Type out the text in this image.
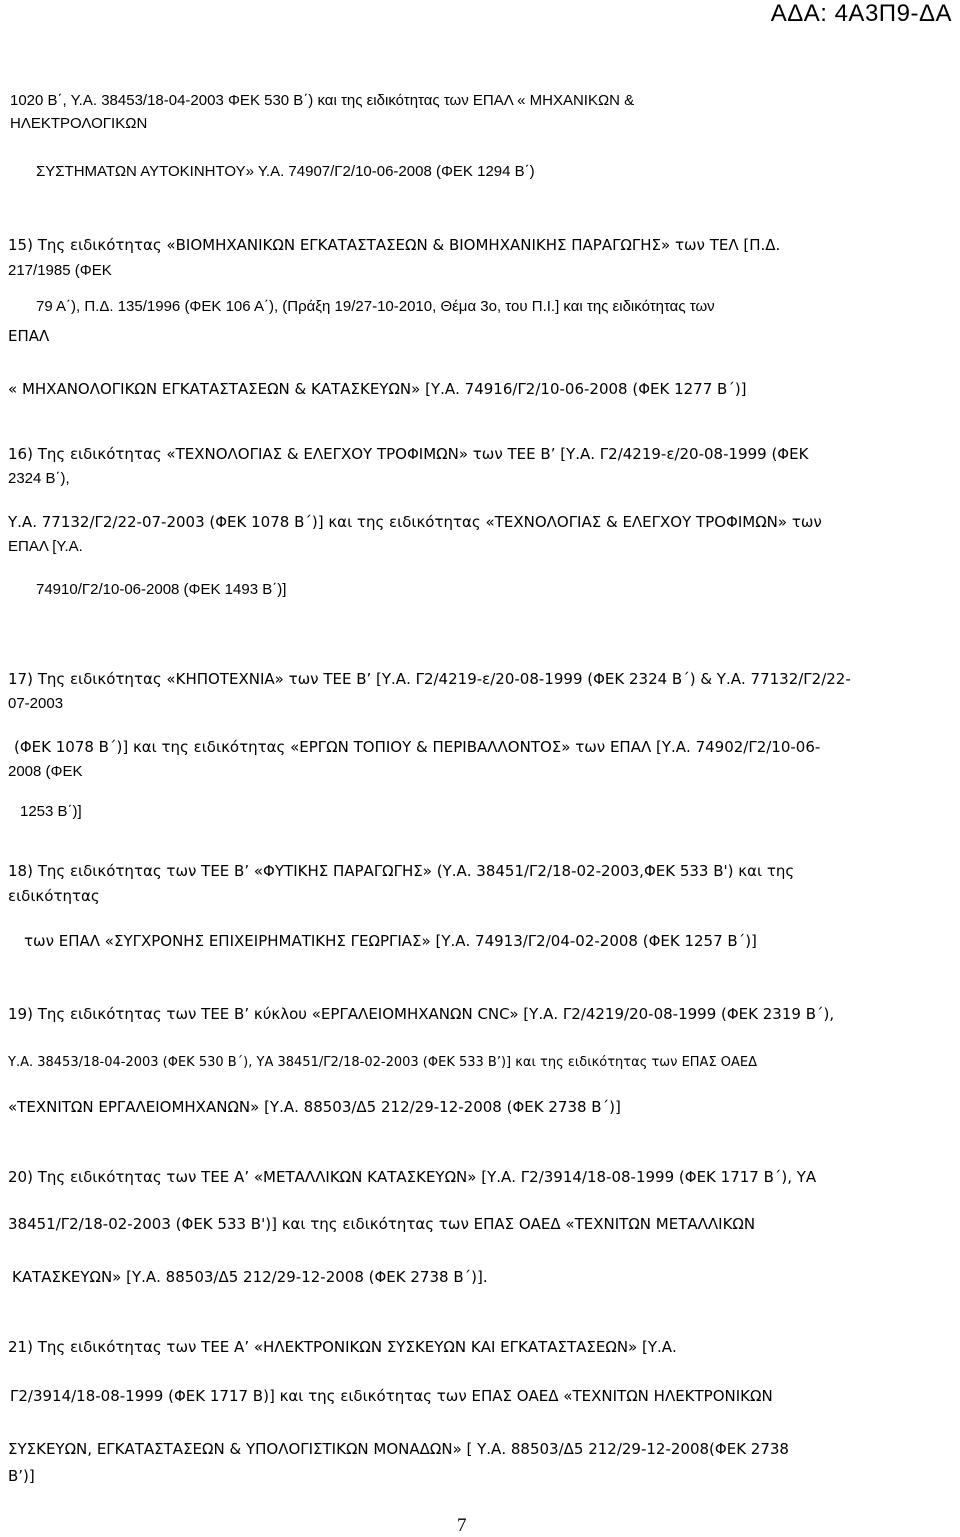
ΑΔΑ: 4Α3Π9-ΔΑ
1020 Β΄, Υ.Α. 38453/18-04-2003 ΦΕΚ 530 Β΄) και της ειδικότητας των ΕΠΑΛ « ΜΗΧΑΝΙΚΩΝ &
ΗΛΕΚΤΡΟΛΟΓΙΚΩΝ
ΣΥΣΤΗΜΑΤΩΝ ΑΥΤΟΚΙΝΗΤΟΥ» Υ.Α. 74907/Γ2/10-06-2008 (ΦΕΚ 1294 Β΄)
15) Της ειδικότητας «ΒΙΟΜΗΧΑΝΙΚΩΝ ΕΓΚΑΤΑΣΤΑΣΕΩΝ & ΒΙΟΜΗΧΑΝΙΚΗΣ ΠΑΡΑΓΩΓΗΣ» των ΤΕΛ [Π.Δ.
217/1985 (ΦΕΚ
79 Α΄), Π.Δ. 135/1996 (ΦΕΚ 106 Α΄), (Πράξη 19/27-10-2010, Θέμα 3ο, του Π.Ι.] και της ειδικότητας των
ΕΠΑΛ
« ΜΗΧΑΝΟΛΟΓΙΚΩΝ ΕΓΚΑΤΑΣΤΑΣΕΩΝ & ΚΑΤΑΣΚΕΥΩΝ» [Υ.Α. 74916/Γ2/10-06-2008 (ΦΕΚ 1277 Β΄)]
16) Της ειδικότητας «ΤΕΧΝΟΛΟΓΙΑΣ & ΕΛΕΓΧΟΥ ΤΡΟΦΙΜΩΝ» των ΤΕΕ Β’ [Υ.Α. Γ2/4219-ε/20-08-1999 (ΦΕΚ
2324 Β΄),
Υ.Α. 77132/Γ2/22-07-2003 (ΦΕΚ 1078 Β΄)] και της ειδικότητας «ΤΕΧΝΟΛΟΓΙΑΣ & ΕΛΕΓΧΟΥ ΤΡΟΦΙΜΩΝ» των
ΕΠΑΛ [Υ.Α.
74910/Γ2/10-06-2008 (ΦΕΚ 1493 Β΄)]
17) Της ειδικότητας «ΚΗΠΟΤΕΧΝΙΑ» των ΤΕΕ Β’ [Υ.Α. Γ2/4219-ε/20-08-1999 (ΦΕΚ 2324 Β΄) & Υ.Α. 77132/Γ2/22-
07-2003
(ΦΕΚ 1078 Β΄)] και της ειδικότητας «ΕΡΓΩΝ ΤΟΠΙΟΥ & ΠΕΡΙΒΑΛΛΟΝΤΟΣ» των ΕΠΑΛ [Υ.Α. 74902/Γ2/10-06-
2008 (ΦΕΚ
1253 Β΄)]
18) Της ειδικότητας των ΤΕΕ Β’ «ΦΥΤΙΚΗΣ ΠΑΡΑΓΩΓΗΣ» (Υ.Α. 38451/Γ2/18-02-2003,ΦΕΚ 533 Β') και της
ειδικότητας
των ΕΠΑΛ «ΣΥΓΧΡΟΝΗΣ ΕΠΙΧΕΙΡΗΜΑΤΙΚΗΣ ΓΕΩΡΓΙΑΣ» [Υ.Α. 74913/Γ2/04-02-2008 (ΦΕΚ 1257 Β΄)]
19) Της ειδικότητας των ΤΕΕ Β’ κύκλου «ΕΡΓΑΛΕΙΟΜΗΧΑΝΩΝ CNC» [Υ.Α. Γ2/4219/20-08-1999 (ΦΕΚ 2319 Β΄),
Υ.Α. 38453/18-04-2003 (ΦΕΚ 530 Β΄), ΥΑ 38451/Γ2/18-02-2003 (ΦΕΚ 533 Β’)] και της ειδικότητας των ΕΠΑΣ ΟΑΕΔ
«ΤΕΧΝΙΤΩΝ ΕΡΓΑΛΕΙΟΜΗΧΑΝΩΝ» [Υ.Α. 88503/Δ5 212/29-12-2008 (ΦΕΚ 2738 Β΄)]
20) Της ειδικότητας των ΤΕΕ Α’ «ΜΕΤΑΛΛΙΚΩΝ ΚΑΤΑΣΚΕΥΩΝ» [Υ.Α. Γ2/3914/18-08-1999 (ΦΕΚ 1717 Β΄), ΥΑ
38451/Γ2/18-02-2003 (ΦΕΚ 533 Β')] και της ειδικότητας των ΕΠΑΣ ΟΑΕΔ «ΤΕΧΝΙΤΩΝ ΜΕΤΑΛΛΙΚΩΝ
ΚΑΤΑΣΚΕΥΩΝ» [Υ.Α. 88503/Δ5 212/29-12-2008 (ΦΕΚ 2738 Β΄)].
21) Της ειδικότητας των ΤΕΕ Α’ «ΗΛΕΚΤΡΟΝΙΚΩΝ ΣΥΣΚΕΥΩΝ ΚΑΙ ΕΓΚΑΤΑΣΤΑΣΕΩΝ» [Υ.Α.
Γ2/3914/18-08-1999 (ΦΕΚ 1717 Β)] και της ειδικότητας των ΕΠΑΣ ΟΑΕΔ «ΤΕΧΝΙΤΩΝ ΗΛΕΚΤΡΟΝΙΚΩΝ
ΣΥΣΚΕΥΩΝ, ΕΓΚΑΤΑΣΤΑΣΕΩΝ & ΥΠΟΛΟΓΙΣΤΙΚΩΝ ΜΟΝΑΔΩΝ» [ Υ.Α. 88503/Δ5 212/29-12-2008(ΦΕΚ 2738
Β’)]
7
